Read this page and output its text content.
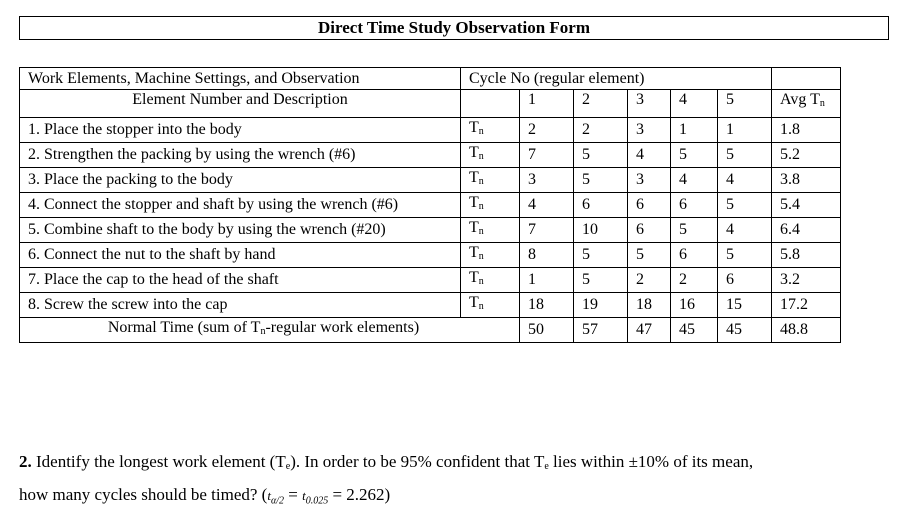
Direct Time Study Observation Form
Work Elements, Machine Settings, and Observation	Cycle No (regular element)						
Element Number and Description		1	2	3	4	5	Avg $T_n$
1. Place the stopper into the body	$T_n$	2	2	3	1	1	1.8
2. Strengthen the packing by using the wrench (#6)	$T_n$	7	5	4	5	5	5.2
3. Place the packing to the body	$T_n$	3	5	3	4	4	3.8
4. Connect the stopper and shaft by using the wrench (#6)	$T_n$	4	6	6	6	5	5.4
5. Combine shaft to the body by using the wrench (#20)	$T_n$	7	10	6	5	4	6.4
6. Connect the nut to the shaft by hand	$T_n$	8	5	5	6	5	5.8
7. Place the cap to the head of the shaft	$T_n$	1	5	2	2	6	3.2
8. Screw the screw into the cap	$T_n$	18	19	18	16	15	17.2
Normal Time (sum of $T_n$-regular work elements)		50	57	47	45	45	48.8
2. Identify the longest work element $(T_e)$. In order to be 95% confident that $T_e$ lies within ±10% of its mean,
how many cycles should be timed? $(t_{\alpha/2} = t_{0.025} = 2.262)$
